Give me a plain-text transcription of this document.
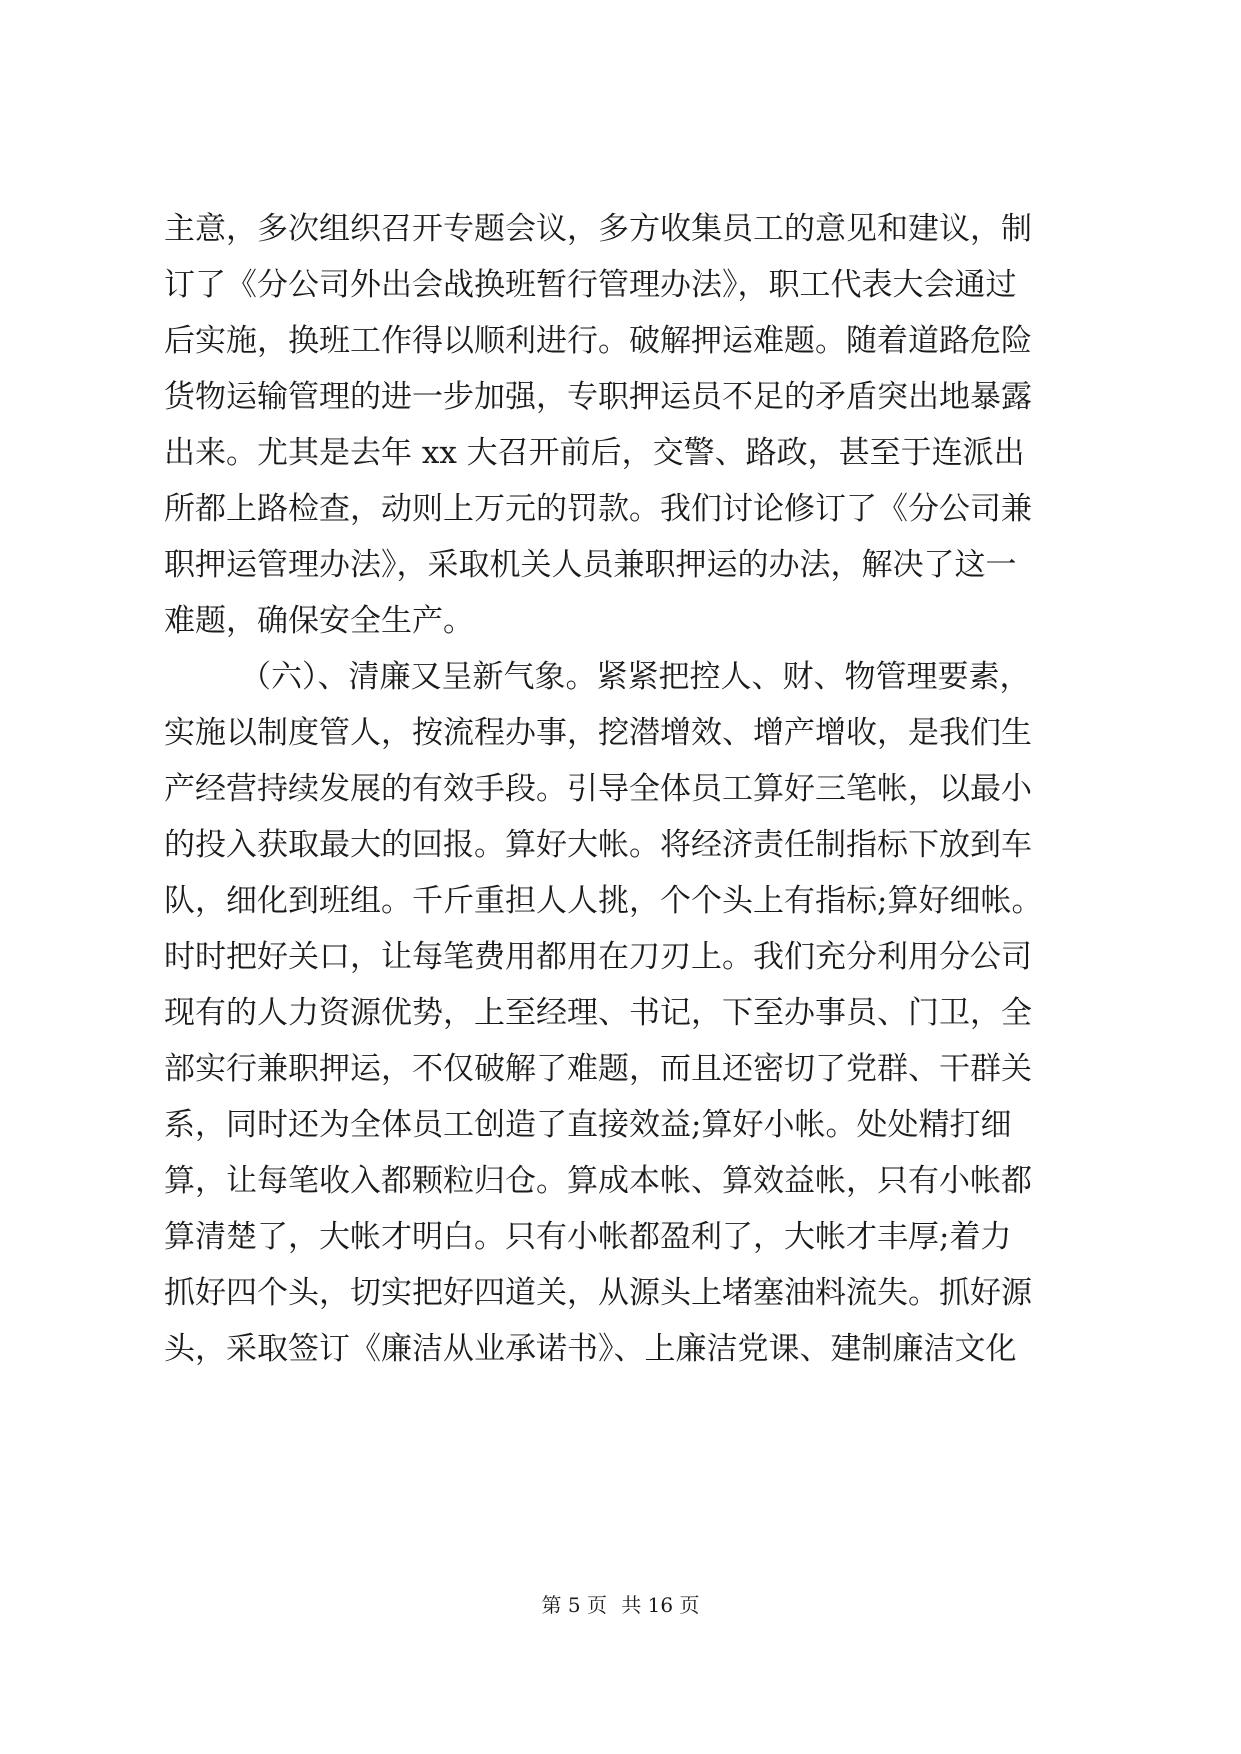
主意，多次组织召开专题会议，多方收集员工的意见和建议，制
订了《分公司外出会战换班暂行管理办法》，职工代表大会通过
后实施，换班工作得以顺利进行。破解押运难题。随着道路危险
货物运输管理的进一步加强，专职押运员不足的矛盾突出地暴露
出来。尤其是去年 xx 大召开前后，交警、路政，甚至于连派出
所都上路检查，动则上万元的罚款。我们讨论修订了《分公司兼
职押运管理办法》，采取机关人员兼职押运的办法，解决了这一
难题，确保安全生产。
（六）、清廉又呈新气象。紧紧把控人、财、物管理要素，
实施以制度管人，按流程办事，挖潜增效、增产增收，是我们生
产经营持续发展的有效手段。引导全体员工算好三笔帐，以最小
的投入获取最大的回报。算好大帐。将经济责任制指标下放到车
队，细化到班组。千斤重担人人挑，个个头上有指标;算好细帐。
时时把好关口，让每笔费用都用在刀刃上。我们充分利用分公司
现有的人力资源优势，上至经理、书记，下至办事员、门卫，全
部实行兼职押运，不仅破解了难题，而且还密切了党群、干群关
系，同时还为全体员工创造了直接效益;算好小帐。处处精打细
算，让每笔收入都颗粒归仓。算成本帐、算效益帐，只有小帐都
算清楚了，大帐才明白。只有小帐都盈利了，大帐才丰厚;着力
抓好四个头，切实把好四道关，从源头上堵塞油料流失。抓好源
头，采取签订《廉洁从业承诺书》、上廉洁党课、建制廉洁文化
第 5 页 共 16 页
